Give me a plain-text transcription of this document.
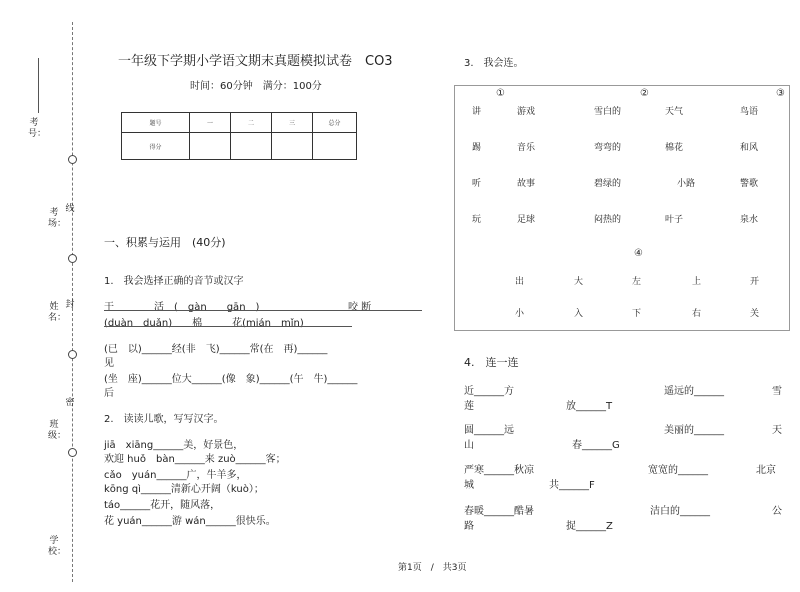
考号：
考场：
姓名：
班级：
学校：
线
封
密
一年级下学期小学语文期末真题模拟试卷　CO3
时间：60分钟　满分：100分
题号	一	二	三	总分
得分				
一、积累与运用　(40分)
1.　我会选择正确的音节或汉字
干　　　　活　(　gàn　　gān　)	咬 断
(duàn　duǎn)　　棉　　　花(mián　mǐn)
(已　以)______经(非　飞)______常(在　再)______
见
(坐　座)______位大______(像　象)______(午　牛)______
后
2.　读读儿歌，写写汉字。
jiā　xiāng______美，好景色，
欢迎 huǒ　bàn______来 zuò______客；
cǎo　yuán______广，牛羊多，
kōng qì______清新心开阔（kuò）；
táo______花开，随风落，
花 yuán______游 wán______很快乐。
3.　我会连。
①	②	③
讲	游戏	雪白的	天气	鸟语
踢	音乐	弯弯的	棉花	和风
听	故事	碧绿的	小路	警歌
玩	足球	闷热的	叶子	泉水
④
出	大	左	上	开
小	入	下	右	关
4.　连一连
近______方	遥远的______	雪
莲	放______T
圆______远	美丽的______	天
山	春______G
严寒______秋凉	宽宽的______	北京
城	共______F
春暖______酷暑	洁白的______	公
路	捉______Z
第1页　/　共3页
